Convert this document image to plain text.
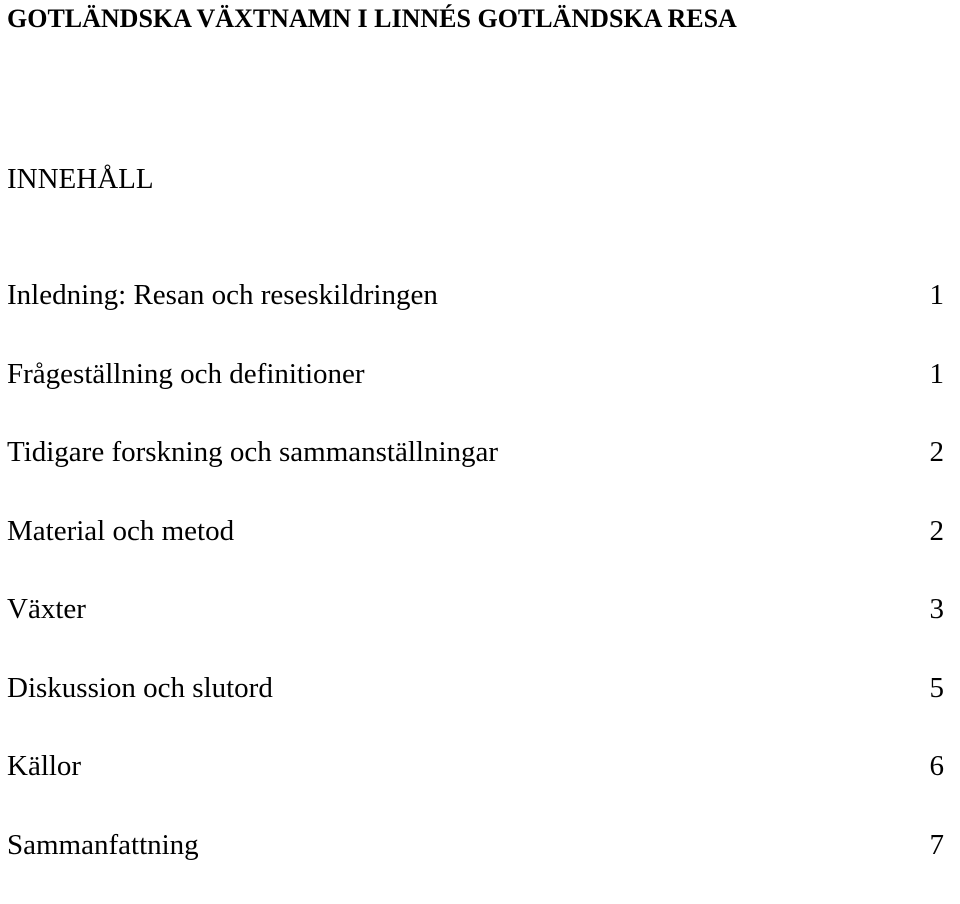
GOTLÄNDSKA VÄXTNAMN I LINNÉS GOTLÄNDSKA RESA
INNEHÅLL
Inledning: Resan och reseskildringen	1
Frågeställning och definitioner	1
Tidigare forskning och sammanställningar	2
Material och metod	2
Växter	3
Diskussion och slutord	5
Källor	6
Sammanfattning	7
